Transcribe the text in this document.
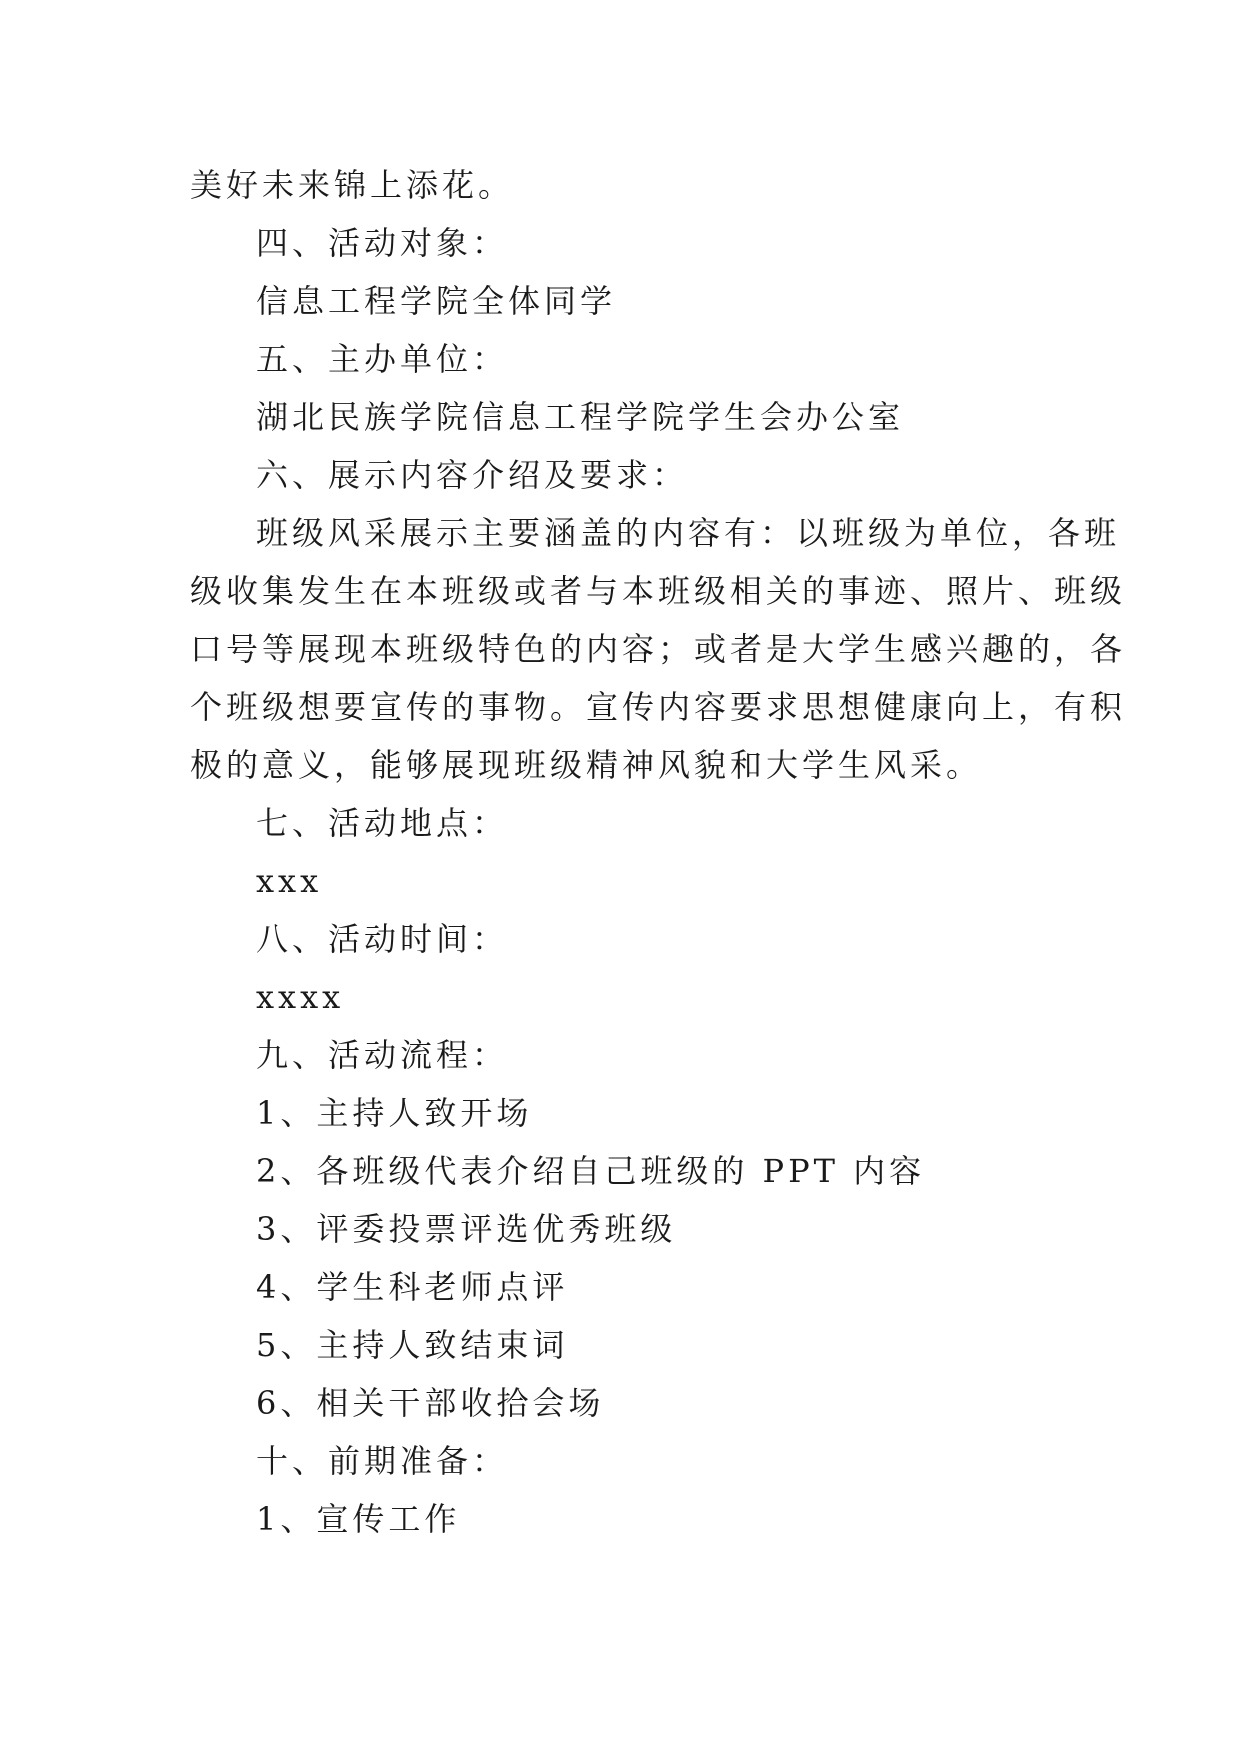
美好未来锦上添花。
四、活动对象：
信息工程学院全体同学
五、主办单位：
湖北民族学院信息工程学院学生会办公室
六、展示内容介绍及要求：
班级风采展示主要涵盖的内容有：以班级为单位，各班
级收集发生在本班级或者与本班级相关的事迹、照片、班级
口号等展现本班级特色的内容；或者是大学生感兴趣的，各
个班级想要宣传的事物。宣传内容要求思想健康向上，有积
极的意义，能够展现班级精神风貌和大学生风采。
七、活动地点：
xxx
八、活动时间：
xxxx
九、活动流程：
1、主持人致开场
2、各班级代表介绍自己班级的 PPT 内容
3、评委投票评选优秀班级
4、学生科老师点评
5、主持人致结束词
6、相关干部收拾会场
十、前期准备：
1、宣传工作
